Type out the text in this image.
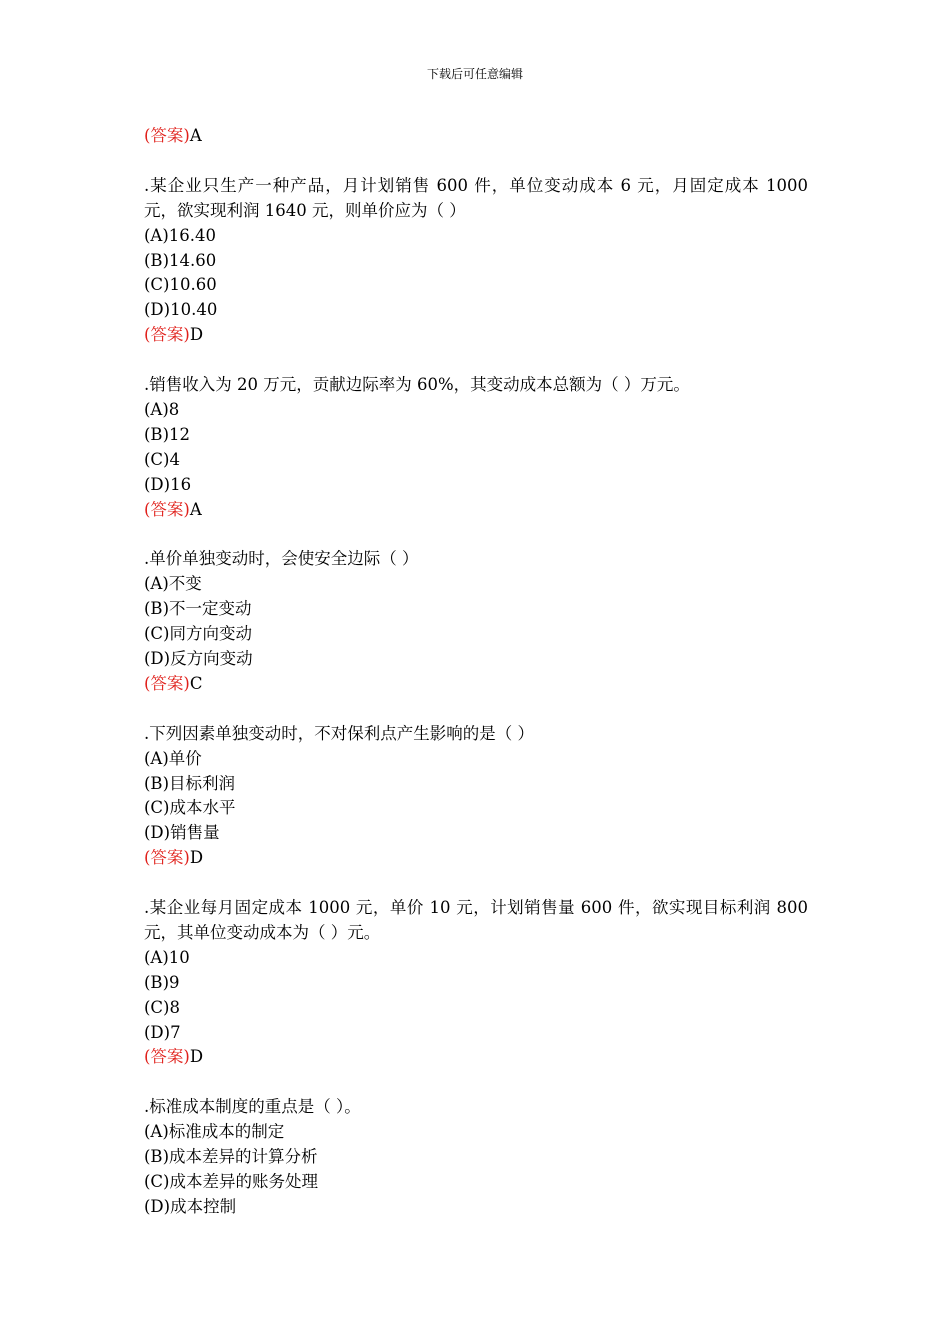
下载后可任意编辑
(答案)A
.某企业只生产一种产品，月计划销售 600 件，单位变动成本 6 元，月固定成本 1000 元，欲实现利润 1640 元，则单价应为（ ）
(A)16.40
(B)14.60
(C)10.60
(D)10.40
(答案)D
.销售收入为 20 万元，贡献边际率为 60%，其变动成本总额为（ ）万元。
(A)8
(B)12
(C)4
(D)16
(答案)A
.单价单独变动时，会使安全边际（ ）
(A)不变
(B)不一定变动
(C)同方向变动
(D)反方向变动
(答案)C
.下列因素单独变动时，不对保利点产生影响的是（ ）
(A)单价
(B)目标利润
(C)成本水平
(D)销售量
(答案)D
.某企业每月固定成本 1000 元，单价 10 元，计划销售量 600 件，欲实现目标利润 800 元，其单位变动成本为（ ）元。
(A)10
(B)9
(C)8
(D)7
(答案)D
.标准成本制度的重点是（ ）。
(A)标准成本的制定
(B)成本差异的计算分析
(C)成本差异的账务处理
(D)成本控制
